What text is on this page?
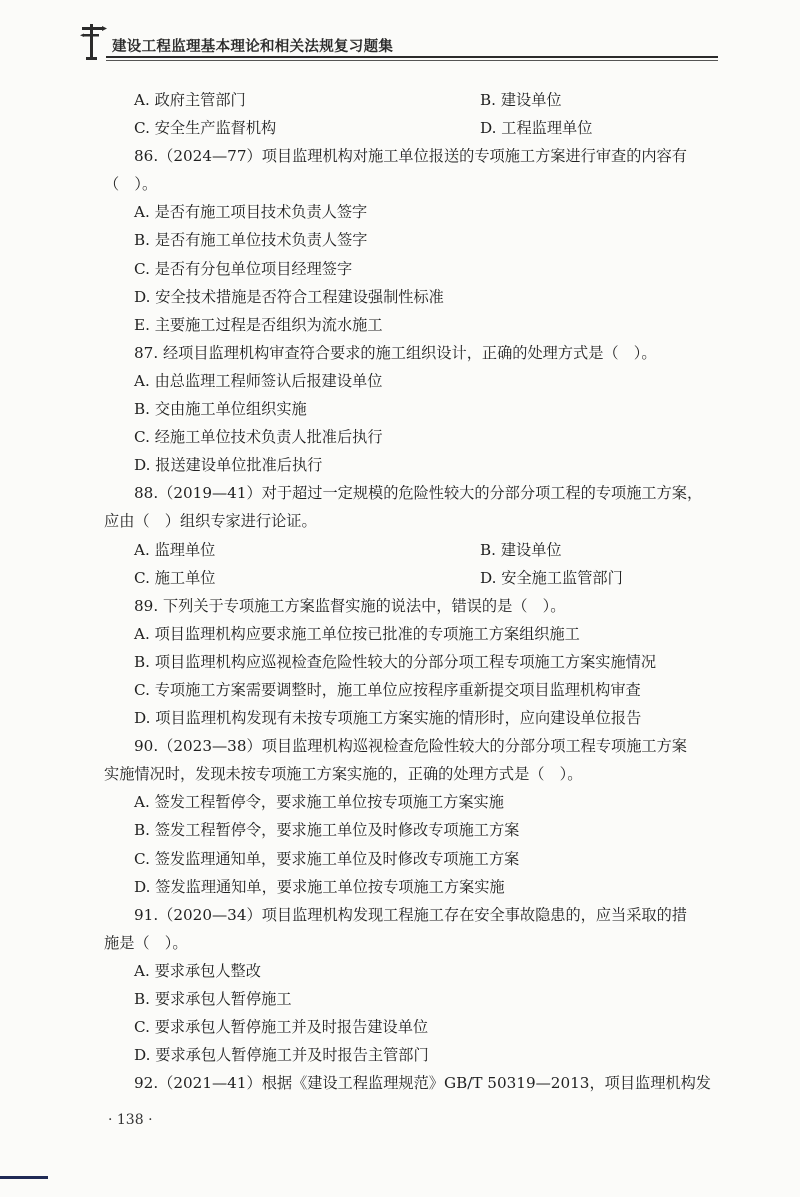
建设工程监理基本理论和相关法规复习题集
A. 政府主管部门	B. 建设单位
C. 安全生产监督机构	D. 工程监理单位
86.（2024—77）项目监理机构对施工单位报送的专项施工方案进行审查的内容有
（　）。
A. 是否有施工项目技术负责人签字
B. 是否有施工单位技术负责人签字
C. 是否有分包单位项目经理签字
D. 安全技术措施是否符合工程建设强制性标准
E. 主要施工过程是否组织为流水施工
87. 经项目监理机构审查符合要求的施工组织设计，正确的处理方式是（　）。
A. 由总监理工程师签认后报建设单位
B. 交由施工单位组织实施
C. 经施工单位技术负责人批准后执行
D. 报送建设单位批准后执行
88.（2019—41）对于超过一定规模的危险性较大的分部分项工程的专项施工方案，
应由（　）组织专家进行论证。
A. 监理单位	B. 建设单位
C. 施工单位	D. 安全施工监管部门
89. 下列关于专项施工方案监督实施的说法中，错误的是（　）。
A. 项目监理机构应要求施工单位按已批准的专项施工方案组织施工
B. 项目监理机构应巡视检查危险性较大的分部分项工程专项施工方案实施情况
C. 专项施工方案需要调整时，施工单位应按程序重新提交项目监理机构审查
D. 项目监理机构发现有未按专项施工方案实施的情形时，应向建设单位报告
90.（2023—38）项目监理机构巡视检查危险性较大的分部分项工程专项施工方案
实施情况时，发现未按专项施工方案实施的，正确的处理方式是（　）。
A. 签发工程暂停令，要求施工单位按专项施工方案实施
B. 签发工程暂停令，要求施工单位及时修改专项施工方案
C. 签发监理通知单，要求施工单位及时修改专项施工方案
D. 签发监理通知单，要求施工单位按专项施工方案实施
91.（2020—34）项目监理机构发现工程施工存在安全事故隐患的，应当采取的措
施是（　）。
A. 要求承包人整改
B. 要求承包人暂停施工
C. 要求承包人暂停施工并及时报告建设单位
D. 要求承包人暂停施工并及时报告主管部门
92.（2021—41）根据《建设工程监理规范》GB/T 50319—2013，项目监理机构发
· 138 ·
